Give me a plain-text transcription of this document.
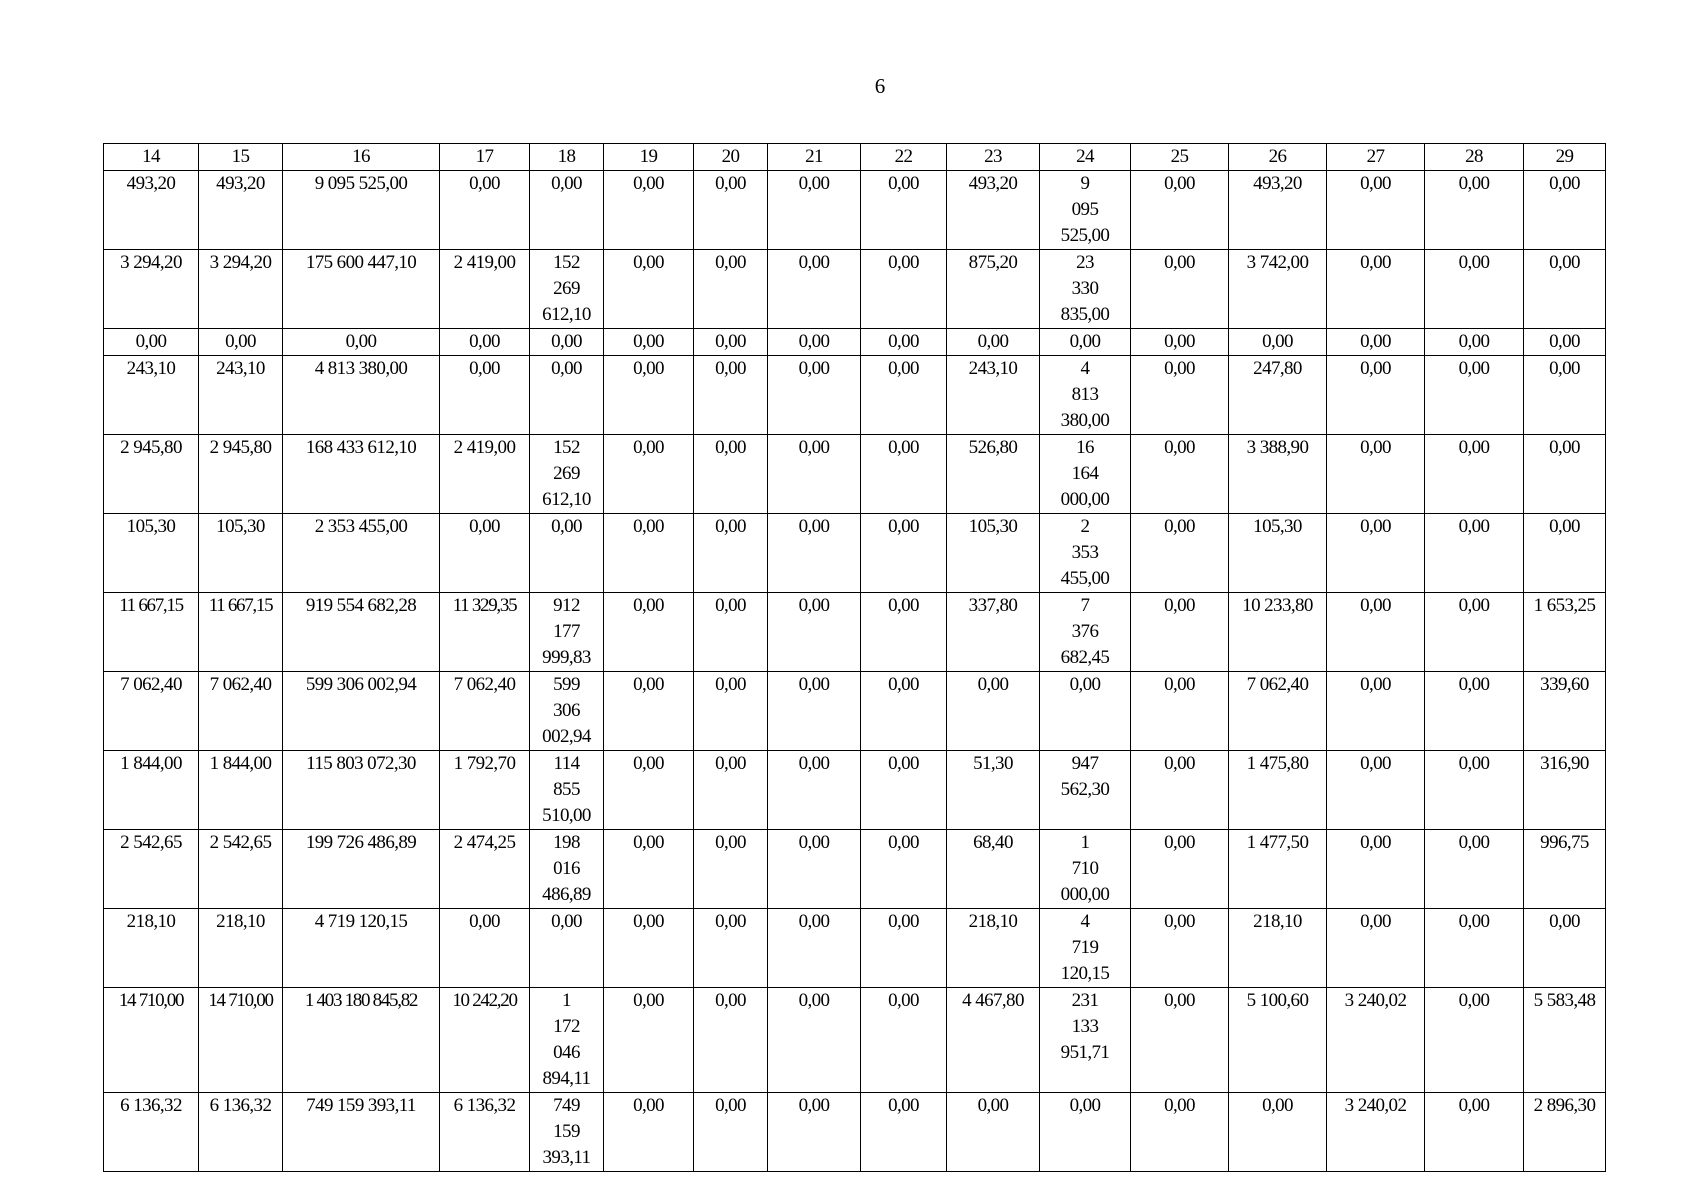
6
14	15	16	17	18	19	20	21	22	23	24	25	26	27	28	29
493,20	493,20	9 095 525,00	0,00	0,00	0,00	0,00	0,00	0,00	493,20	9 095 525,00	0,00	493,20	0,00	0,00	0,00
3 294,20	3 294,20	175 600 447,10	2 419,00	152 269 612,10	0,00	0,00	0,00	0,00	875,20	23 330 835,00	0,00	3 742,00	0,00	0,00	0,00
0,00	0,00	0,00	0,00	0,00	0,00	0,00	0,00	0,00	0,00	0,00	0,00	0,00	0,00	0,00	0,00
243,10	243,10	4 813 380,00	0,00	0,00	0,00	0,00	0,00	0,00	243,10	4 813 380,00	0,00	247,80	0,00	0,00	0,00
2 945,80	2 945,80	168 433 612,10	2 419,00	152 269 612,10	0,00	0,00	0,00	0,00	526,80	16 164 000,00	0,00	3 388,90	0,00	0,00	0,00
105,30	105,30	2 353 455,00	0,00	0,00	0,00	0,00	0,00	0,00	105,30	2 353 455,00	0,00	105,30	0,00	0,00	0,00
11 667,15	11 667,15	919 554 682,28	11 329,35	912 177 999,83	0,00	0,00	0,00	0,00	337,80	7 376 682,45	0,00	10 233,80	0,00	0,00	1 653,25
7 062,40	7 062,40	599 306 002,94	7 062,40	599 306 002,94	0,00	0,00	0,00	0,00	0,00	0,00	0,00	7 062,40	0,00	0,00	339,60
1 844,00	1 844,00	115 803 072,30	1 792,70	114 855 510,00	0,00	0,00	0,00	0,00	51,30	947 562,30	0,00	1 475,80	0,00	0,00	316,90
2 542,65	2 542,65	199 726 486,89	2 474,25	198 016 486,89	0,00	0,00	0,00	0,00	68,40	1 710 000,00	0,00	1 477,50	0,00	0,00	996,75
218,10	218,10	4 719 120,15	0,00	0,00	0,00	0,00	0,00	0,00	218,10	4 719 120,15	0,00	218,10	0,00	0,00	0,00
14 710,00	14 710,00	1 403 180 845,82	10 242,20	1 172 046 894,11	0,00	0,00	0,00	0,00	4 467,80	231 133 951,71	0,00	5 100,60	3 240,02	0,00	5 583,48
6 136,32	6 136,32	749 159 393,11	6 136,32	749 159 393,11	0,00	0,00	0,00	0,00	0,00	0,00	0,00	0,00	3 240,02	0,00	2 896,30
